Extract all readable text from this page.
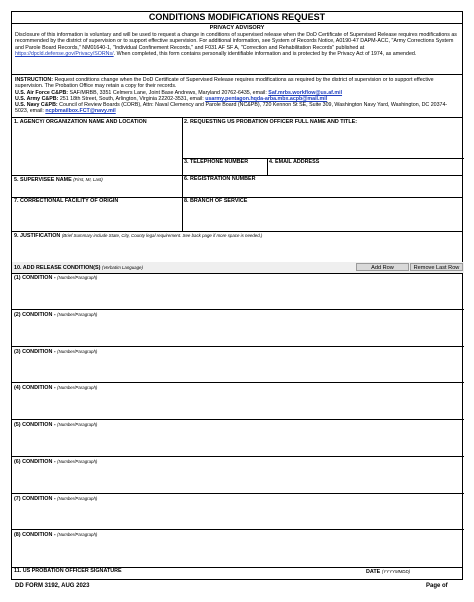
CONDITIONS MODIFICATIONS REQUEST
PRIVACY ADVISORY

Disclosure of this information is voluntary and will be used to request a change in conditions of supervised release when the DoD Certificate of Supervised Release requires modifications as recommended by the district of supervision or to support effective supervision. For additional information, see System of Records Notice, A0190-47 DAPM-ACC, "Army Corrections System and Parole Board Records," NM01640-1, "Individual Confinement Records," and F031 AF SF A, "Correction and Rehabilitation Records" published at https://dpcld.defense.gov/Privacy/SORNs/. When completed, this form contains personally identifiable information and is protected by the Privacy Act of 1974, as amended.

INSTRUCTION: Request conditions change when the DoD Certificate of Supervised Release requires modifications as required by the district of supervision or to support effective supervision. The Probation Office may retain a copy for their records.

U.S. Air Force C&PB: SAF/MRBB, 3351 Celmers Lane, Joint Base Andrews, Maryland 20762-6435, email: Saf.mrbs.workflow@us.af.mil

U.S. Army C&PB: 251 18th Street, South, Arlington, Virginia 22202-3531, email: usarmy.pentagon.hqda-arba.mbx.acpb@mail.mil

U.S. Navy C&PB: Council of Review Boards (CORB), Attn: Naval Clemency and Parole Board (NC&PB), 720 Kennon St SE, Suite 309, Washington Navy Yard, Washington, DC 20374-5023, email: ncpbmailbox.FCT@navy.mil

1. AGENCY/ ORGANIZATION NAME AND LOCATION	2. REQUESTING US PROBATION OFFICER FULL NAME AND TITLE:
3. TELEPHONE NUMBER	4. EMAIL ADDRESS
5. SUPERVISEE NAME (First, MI, Last)	6. REGISTRATION NUMBER
7. CORRECTIONAL FACILITY OF ORIGIN	8. BRANCH OF SERVICE
9. JUSTIFICATION (Brief Summary include State, City, County legal requirement. See back page if more space is needed.)
10. ADD RELEASE CONDITION(S) (Verbatim Language)	Add Row	Remove Last Row
(1) CONDITION - (Number/Paragraph)
(2) CONDITION - (Number/Paragraph)
(3) CONDITION - (Number/Paragraph)
(4) CONDITION - (Number/Paragraph)
(5) CONDITION - (Number/Paragraph)
(6) CONDITION - (Number/Paragraph)
(7) CONDITION - (Number/Paragraph)
(8) CONDITION - (Number/Paragraph)
11. US PROBATION OFFICER SIGNATURE	DATE (YYYYMMDD)
DD FORM 3192, AUG 2023	Page of
